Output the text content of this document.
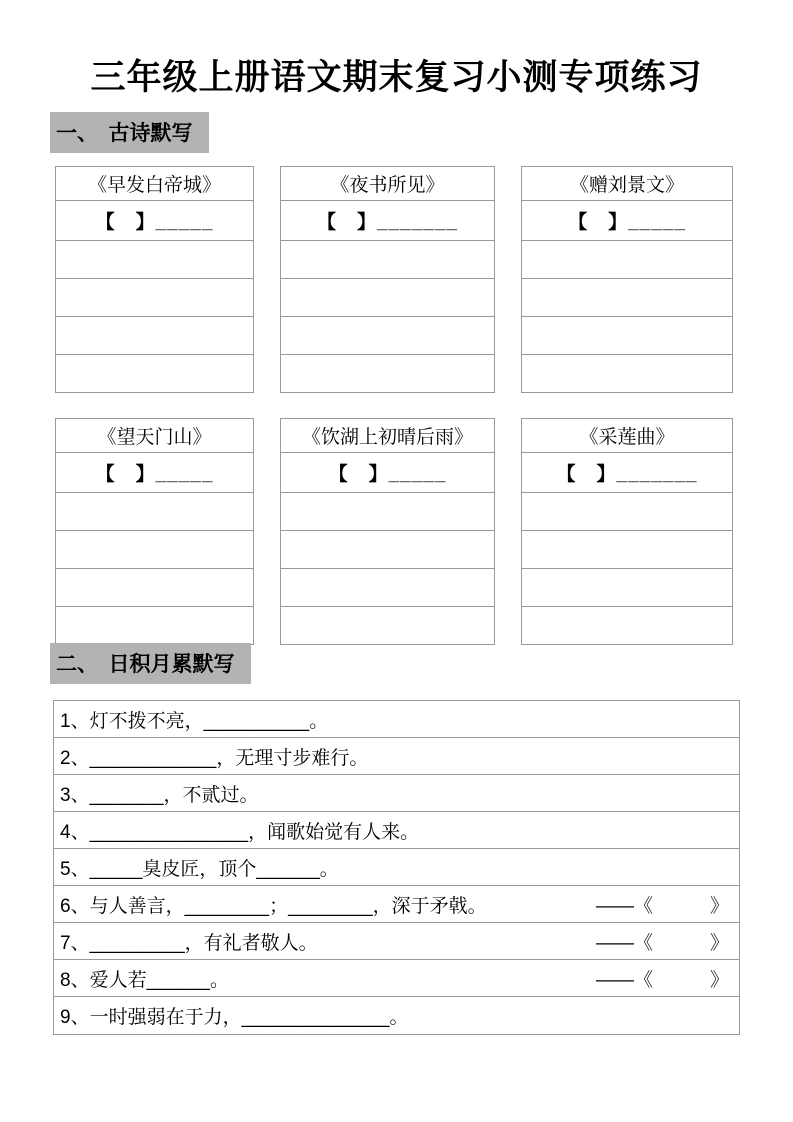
三年级上册语文期末复习小测专项练习
一、　古诗默写
《早发白帝城》
【　】_____

《夜书所见》
【　】_______

《赠刘景文》
【　】_____

《望天门山》
【　】_____

《饮湖上初晴后雨》
【　】_____

《采莲曲》
【　】_______

二、　日积月累默写
1、灯不拨不亮，__________。
2、____________，无理寸步难行。
3、_______，不贰过。
4、_______________，闻歌始觉有人来。
5、_____臭皮匠，顶个______。
6、与人善言，________；________，深于矛戟。	——《　　　》
7、_________，有礼者敬人。	——《　　　》
8、爱人若______。	——《　　　》
9、一时强弱在于力，______________。
